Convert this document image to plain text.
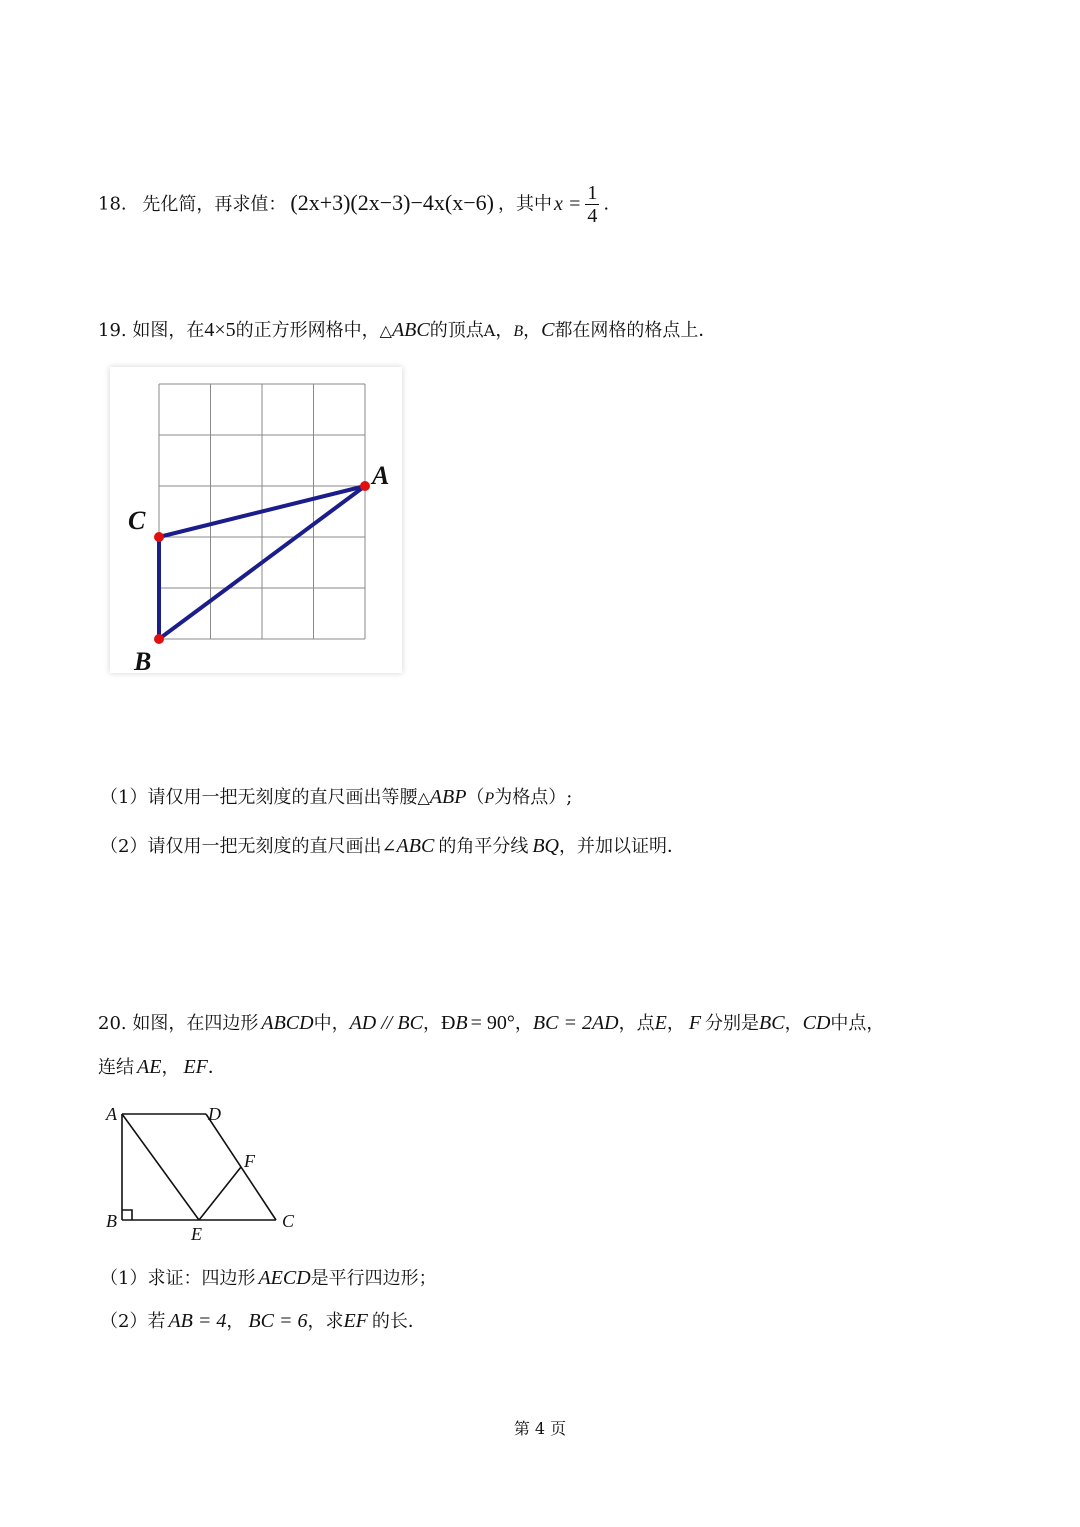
18. 先化简，再求值： (2x+3)(2x−3)−4x(x−6) ，其中 $x = \frac{1}{4}$ .
19. 如图，在4×5的正方形网格中，△ABC的顶点A，B，C都在网格的格点上．
A
C
B
（1）请仅用一把无刻度的直尺画出等腰△ABP（P为格点）;
（2）请仅用一把无刻度的直尺画出∠ABC 的角平分线 BQ，并加以证明．
20. 如图，在四边形 ABCD中，AD // BC，ÐB = 90°，BC = 2AD，点E， F 分别是BC，CD中点，
连结 AE， EF．
A	D
F
B
E
C
（1）求证：四边形 AECD是平行四边形；
（2）若 AB = 4， BC = 6，求EF 的长．
第 4 页
